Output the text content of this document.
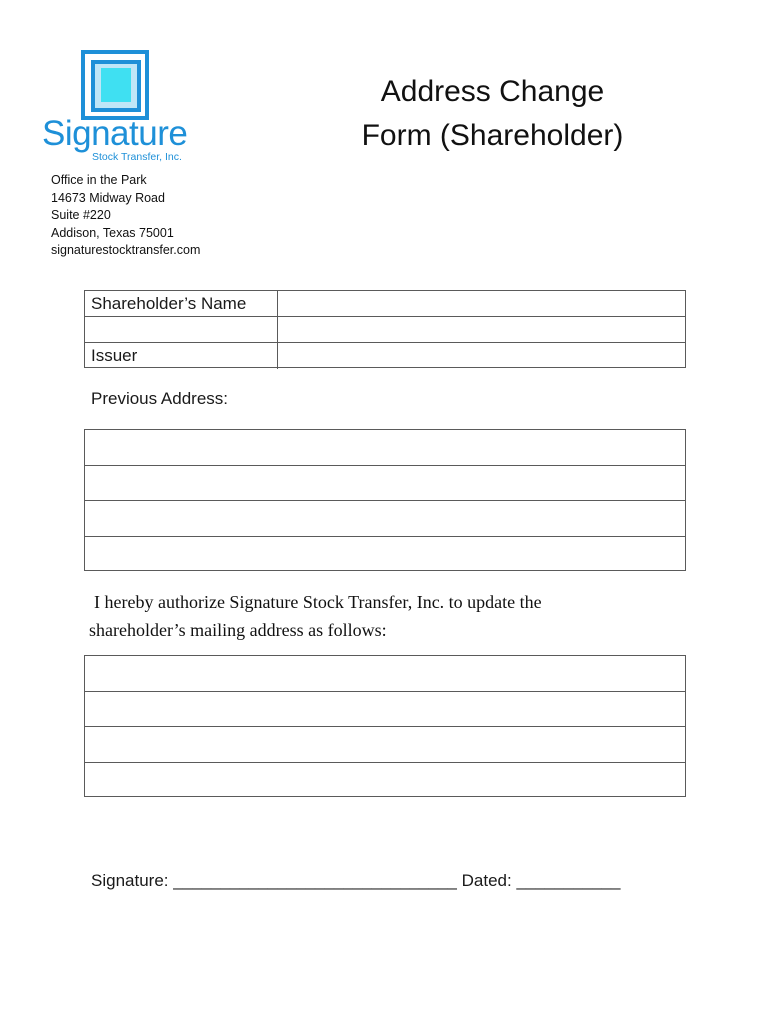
Signature
Stock Transfer, Inc.
Address Change
Form (Shareholder)
Office in the Park
14673 Midway Road
Suite #220
Addison, Texas 75001
signaturestocktransfer.com
Shareholder’s Name
Issuer
Previous Address:
I hereby authorize Signature Stock Transfer, Inc. to update the
shareholder’s mailing address as follows:
Signature: ______________________________ Dated: ___________
